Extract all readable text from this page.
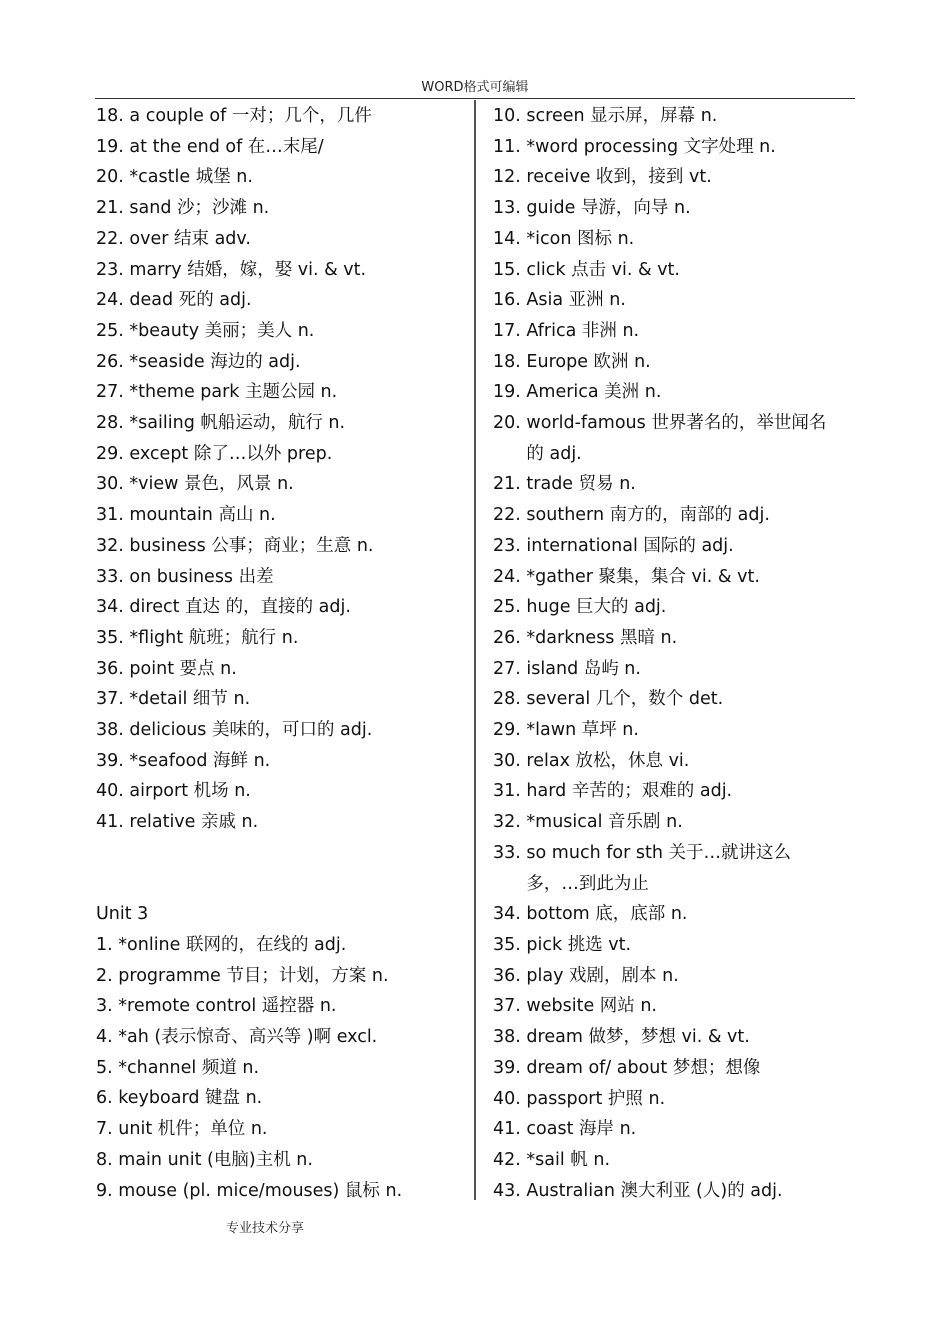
WORD格式可编辑
18.
a couple of 一对；几个，几件
19.
at the end of 在…末尾/
20.
*castle 城堡 n.
21.
sand 沙；沙滩 n.
22.
over 结束 adv.
23.
marry 结婚，嫁，娶 vi. & vt.
24.
dead 死的 adj.
25.
*beauty 美丽；美人 n.
26.
*seaside 海边的 adj.
27.
*theme park 主题公园 n.
28.
*sailing 帆船运动，航行 n.
29.
except 除了…以外 prep.
30.
*view 景色，风景 n.
31.
mountain 高山 n.
32.
business 公事；商业；生意 n.
33.
on business 出差
34.
direct 直达 的，直接的 adj.
35.
*flight 航班；航行 n.
36.
point 要点 n.
37.
*detail 细节 n.
38.
delicious 美味的，可口的 adj.
39.
*seafood 海鲜 n.
40.
airport 机场 n.
41.
relative 亲戚 n.
Unit 3
1.
*online 联网的，在线的 adj.
2.
programme 节目；计划，方案 n.
3.
*remote control 遥控器 n.
4.
*ah (表示惊奇、高兴等 )啊 excl.
5.
*channel 频道 n.
6.
keyboard 键盘 n.
7.
unit 机件；单位 n.
8.
main unit (电脑)主机 n.
9.
mouse (pl. mice/mouses) 鼠标 n.
10.
screen 显示屏，屏幕 n.
11.
*word processing 文字处理 n.
12.
receive 收到，接到 vt.
13.
guide 导游，向导 n.
14.
*icon 图标 n.
15.
click 点击 vi. & vt.
16.
Asia 亚洲 n.
17.
Africa 非洲 n.
18.
Europe 欧洲 n.
19.
America 美洲 n.
20.
world-famous 世界著名的，举世闻名的 adj.
21.
trade 贸易 n.
22.
southern 南方的，南部的 adj.
23.
international 国际的 adj.
24.
*gather 聚集，集合 vi. & vt.
25.
huge 巨大的 adj.
26.
*darkness 黑暗 n.
27.
island 岛屿 n.
28.
several 几个，数个 det.
29.
*lawn 草坪 n.
30.
relax 放松，休息 vi.
31.
hard 辛苦的；艰难的 adj.
32.
*musical 音乐剧 n.
33.
so much for sth 关于…就讲这么多，…到此为止
34.
bottom 底，底部 n.
35.
pick 挑选 vt.
36.
play 戏剧，剧本 n.
37.
website 网站 n.
38.
dream 做梦，梦想 vi. & vt.
39.
dream of/ about 梦想；想像
40.
passport 护照 n.
41.
coast 海岸 n.
42.
*sail 帆 n.
43.
Australian 澳大利亚 (人)的 adj.
专业技术分享
